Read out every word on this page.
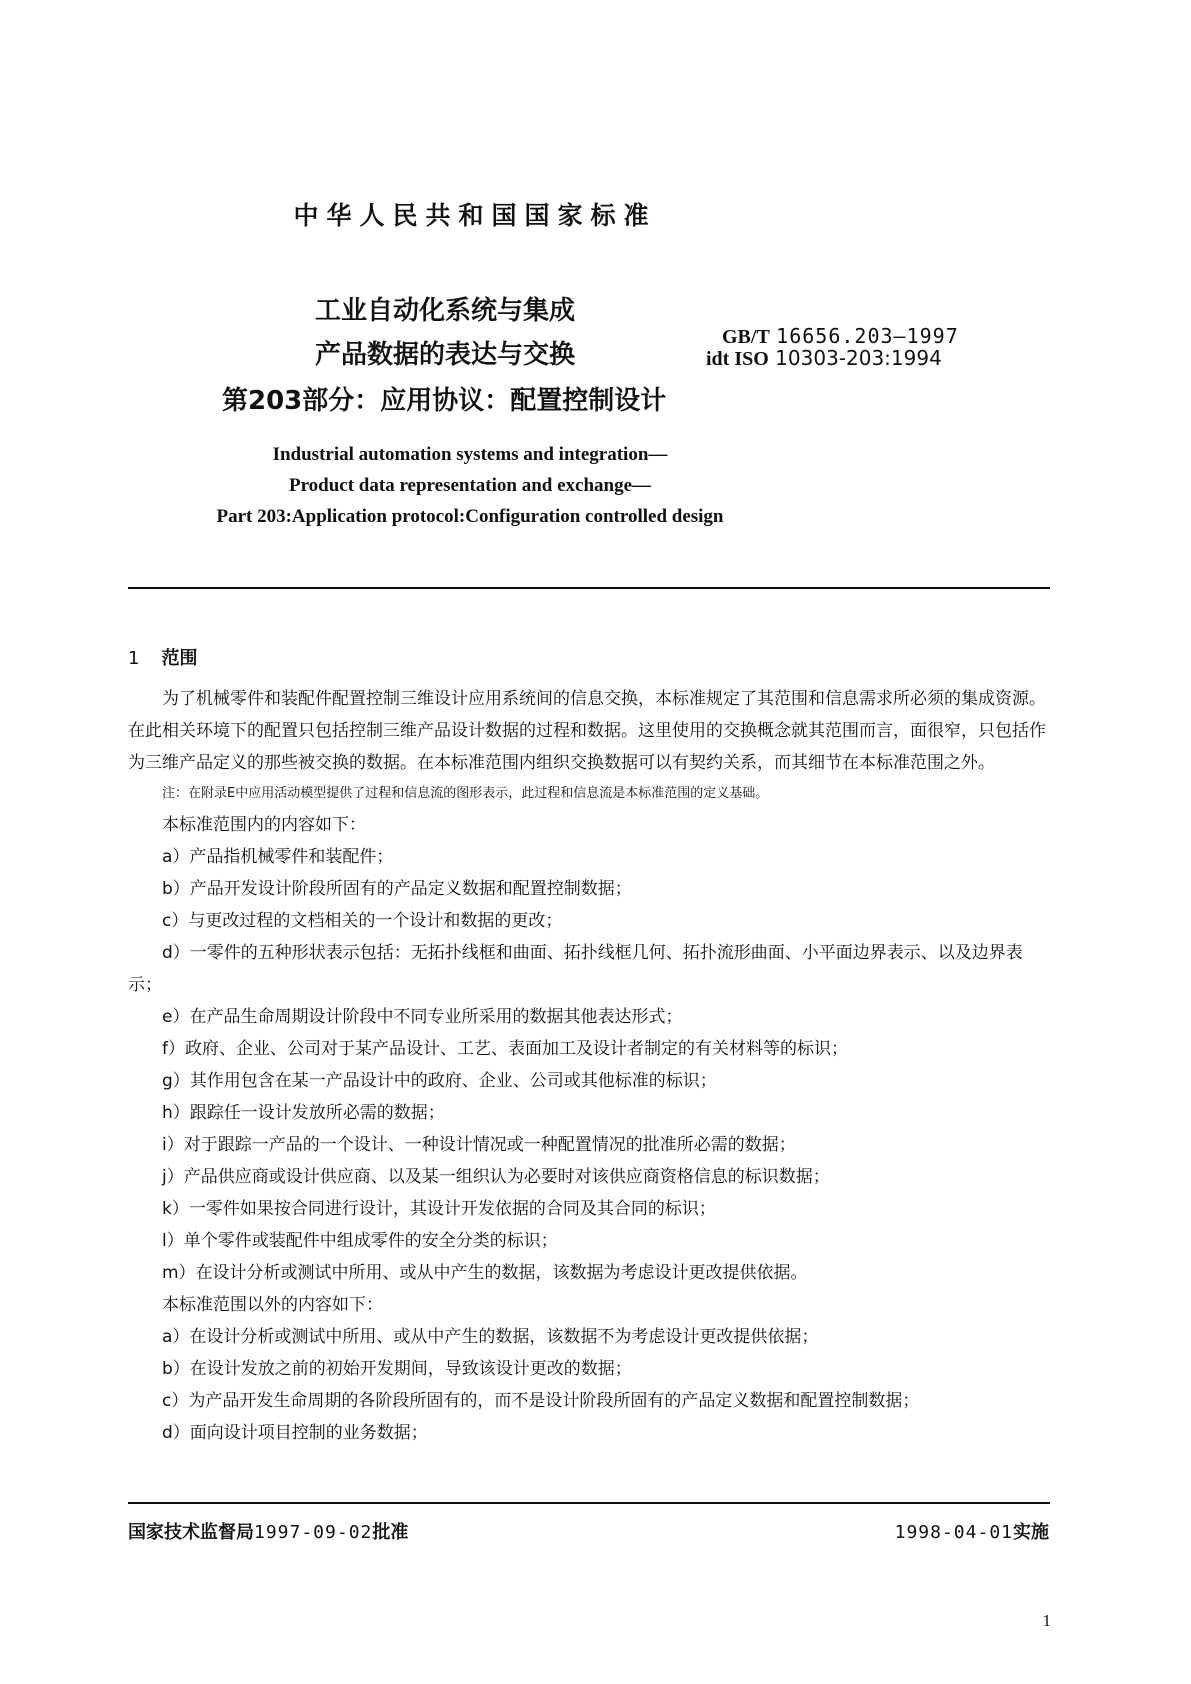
中华人民共和国国家标准
工业自动化系统与集成
产品数据的表达与交换
第203部分：应用协议：配置控制设计
GB/T 16656.203—1997
idt ISO 10303-203:1994
Industrial automation systems and integration—
Product data representation and exchange—
Part 203:Application protocol:Configuration controlled design
1 范围

为了机械零件和装配件配置控制三维设计应用系统间的信息交换，本标准规定了其范围和信息需求所必须的集成资源。在此相关环境下的配置只包括控制三维产品设计数据的过程和数据。这里使用的交换概念就其范围而言，面很窄，只包括作为三维产品定义的那些被交换的数据。在本标准范围内组织交换数据可以有契约关系，而其细节在本标准范围之外。

注：在附录E中应用活动模型提供了过程和信息流的图形表示，此过程和信息流是本标准范围的定义基础。

本标准范围内的内容如下：

a）产品指机械零件和装配件；

b）产品开发设计阶段所固有的产品定义数据和配置控制数据；

c）与更改过程的文档相关的一个设计和数据的更改；

d）一零件的五种形状表示包括：无拓扑线框和曲面、拓扑线框几何、拓扑流形曲面、小平面边界表示、以及边界表示；

e）在产品生命周期设计阶段中不同专业所采用的数据其他表达形式；

f）政府、企业、公司对于某产品设计、工艺、表面加工及设计者制定的有关材料等的标识；

g）其作用包含在某一产品设计中的政府、企业、公司或其他标准的标识；

h）跟踪任一设计发放所必需的数据；

i）对于跟踪一产品的一个设计、一种设计情况或一种配置情况的批准所必需的数据；

j）产品供应商或设计供应商、以及某一组织认为必要时对该供应商资格信息的标识数据；

k）一零件如果按合同进行设计，其设计开发依据的合同及其合同的标识；

l）单个零件或装配件中组成零件的安全分类的标识；

m）在设计分析或测试中所用、或从中产生的数据，该数据为考虑设计更改提供依据。

本标准范围以外的内容如下：

a）在设计分析或测试中所用、或从中产生的数据，该数据不为考虑设计更改提供依据；

b）在设计发放之前的初始开发期间，导致该设计更改的数据；

c）为产品开发生命周期的各阶段所固有的，而不是设计阶段所固有的产品定义数据和配置控制数据；

d）面向设计项目控制的业务数据；

国家技术监督局1997-09-02批准	1998-04-01实施
1
